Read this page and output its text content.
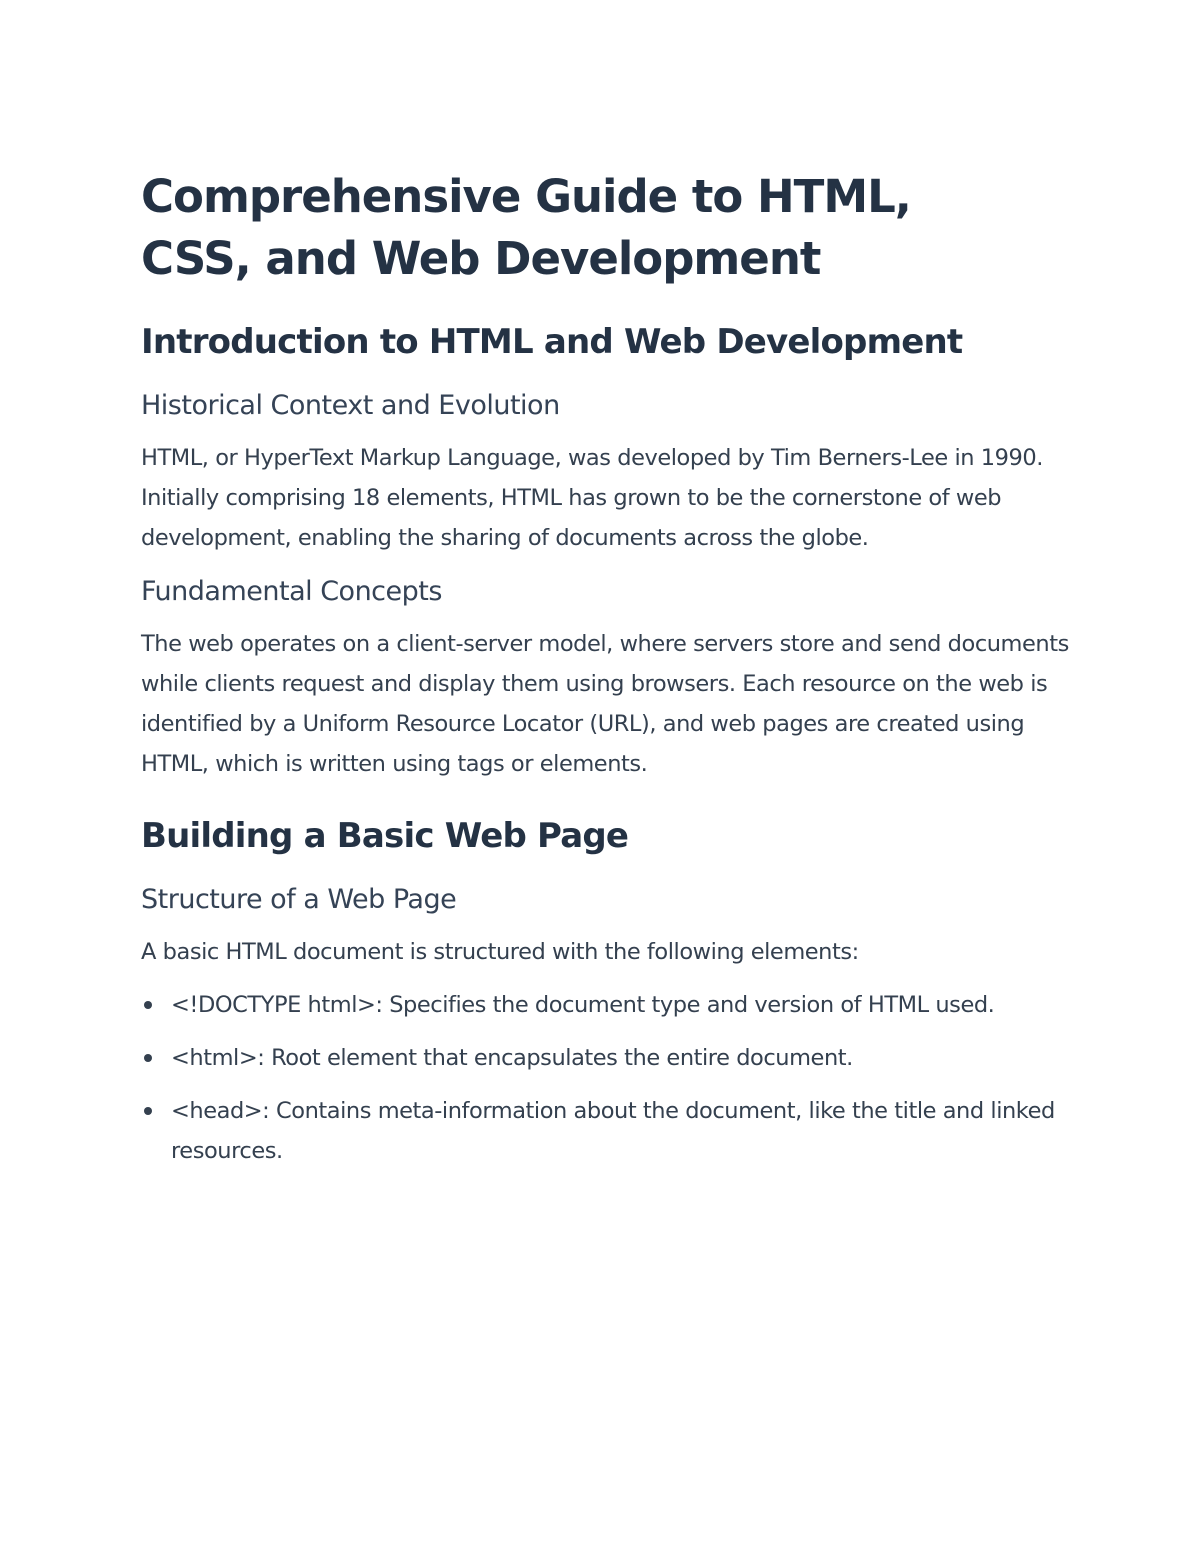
Comprehensive Guide to HTML, CSS, and Web Development
Introduction to HTML and Web Development
Historical Context and Evolution

HTML, or HyperText Markup Language, was developed by Tim Berners-Lee in 1990. Initially comprising 18 elements, HTML has grown to be the cornerstone of web development, enabling the sharing of documents across the globe.

Fundamental Concepts

The web operates on a client-server model, where servers store and send documents while clients request and display them using browsers. Each resource on the web is identified by a Uniform Resource Locator (URL), and web pages are created using HTML, which is written using tags or elements.

Building a Basic Web Page
Structure of a Web Page

A basic HTML document is structured with the following elements:

<!DOCTYPE html>: Specifies the document type and version of HTML used.
<html>: Root element that encapsulates the entire document.
<head>: Contains meta-information about the document, like the title and linked resources.
